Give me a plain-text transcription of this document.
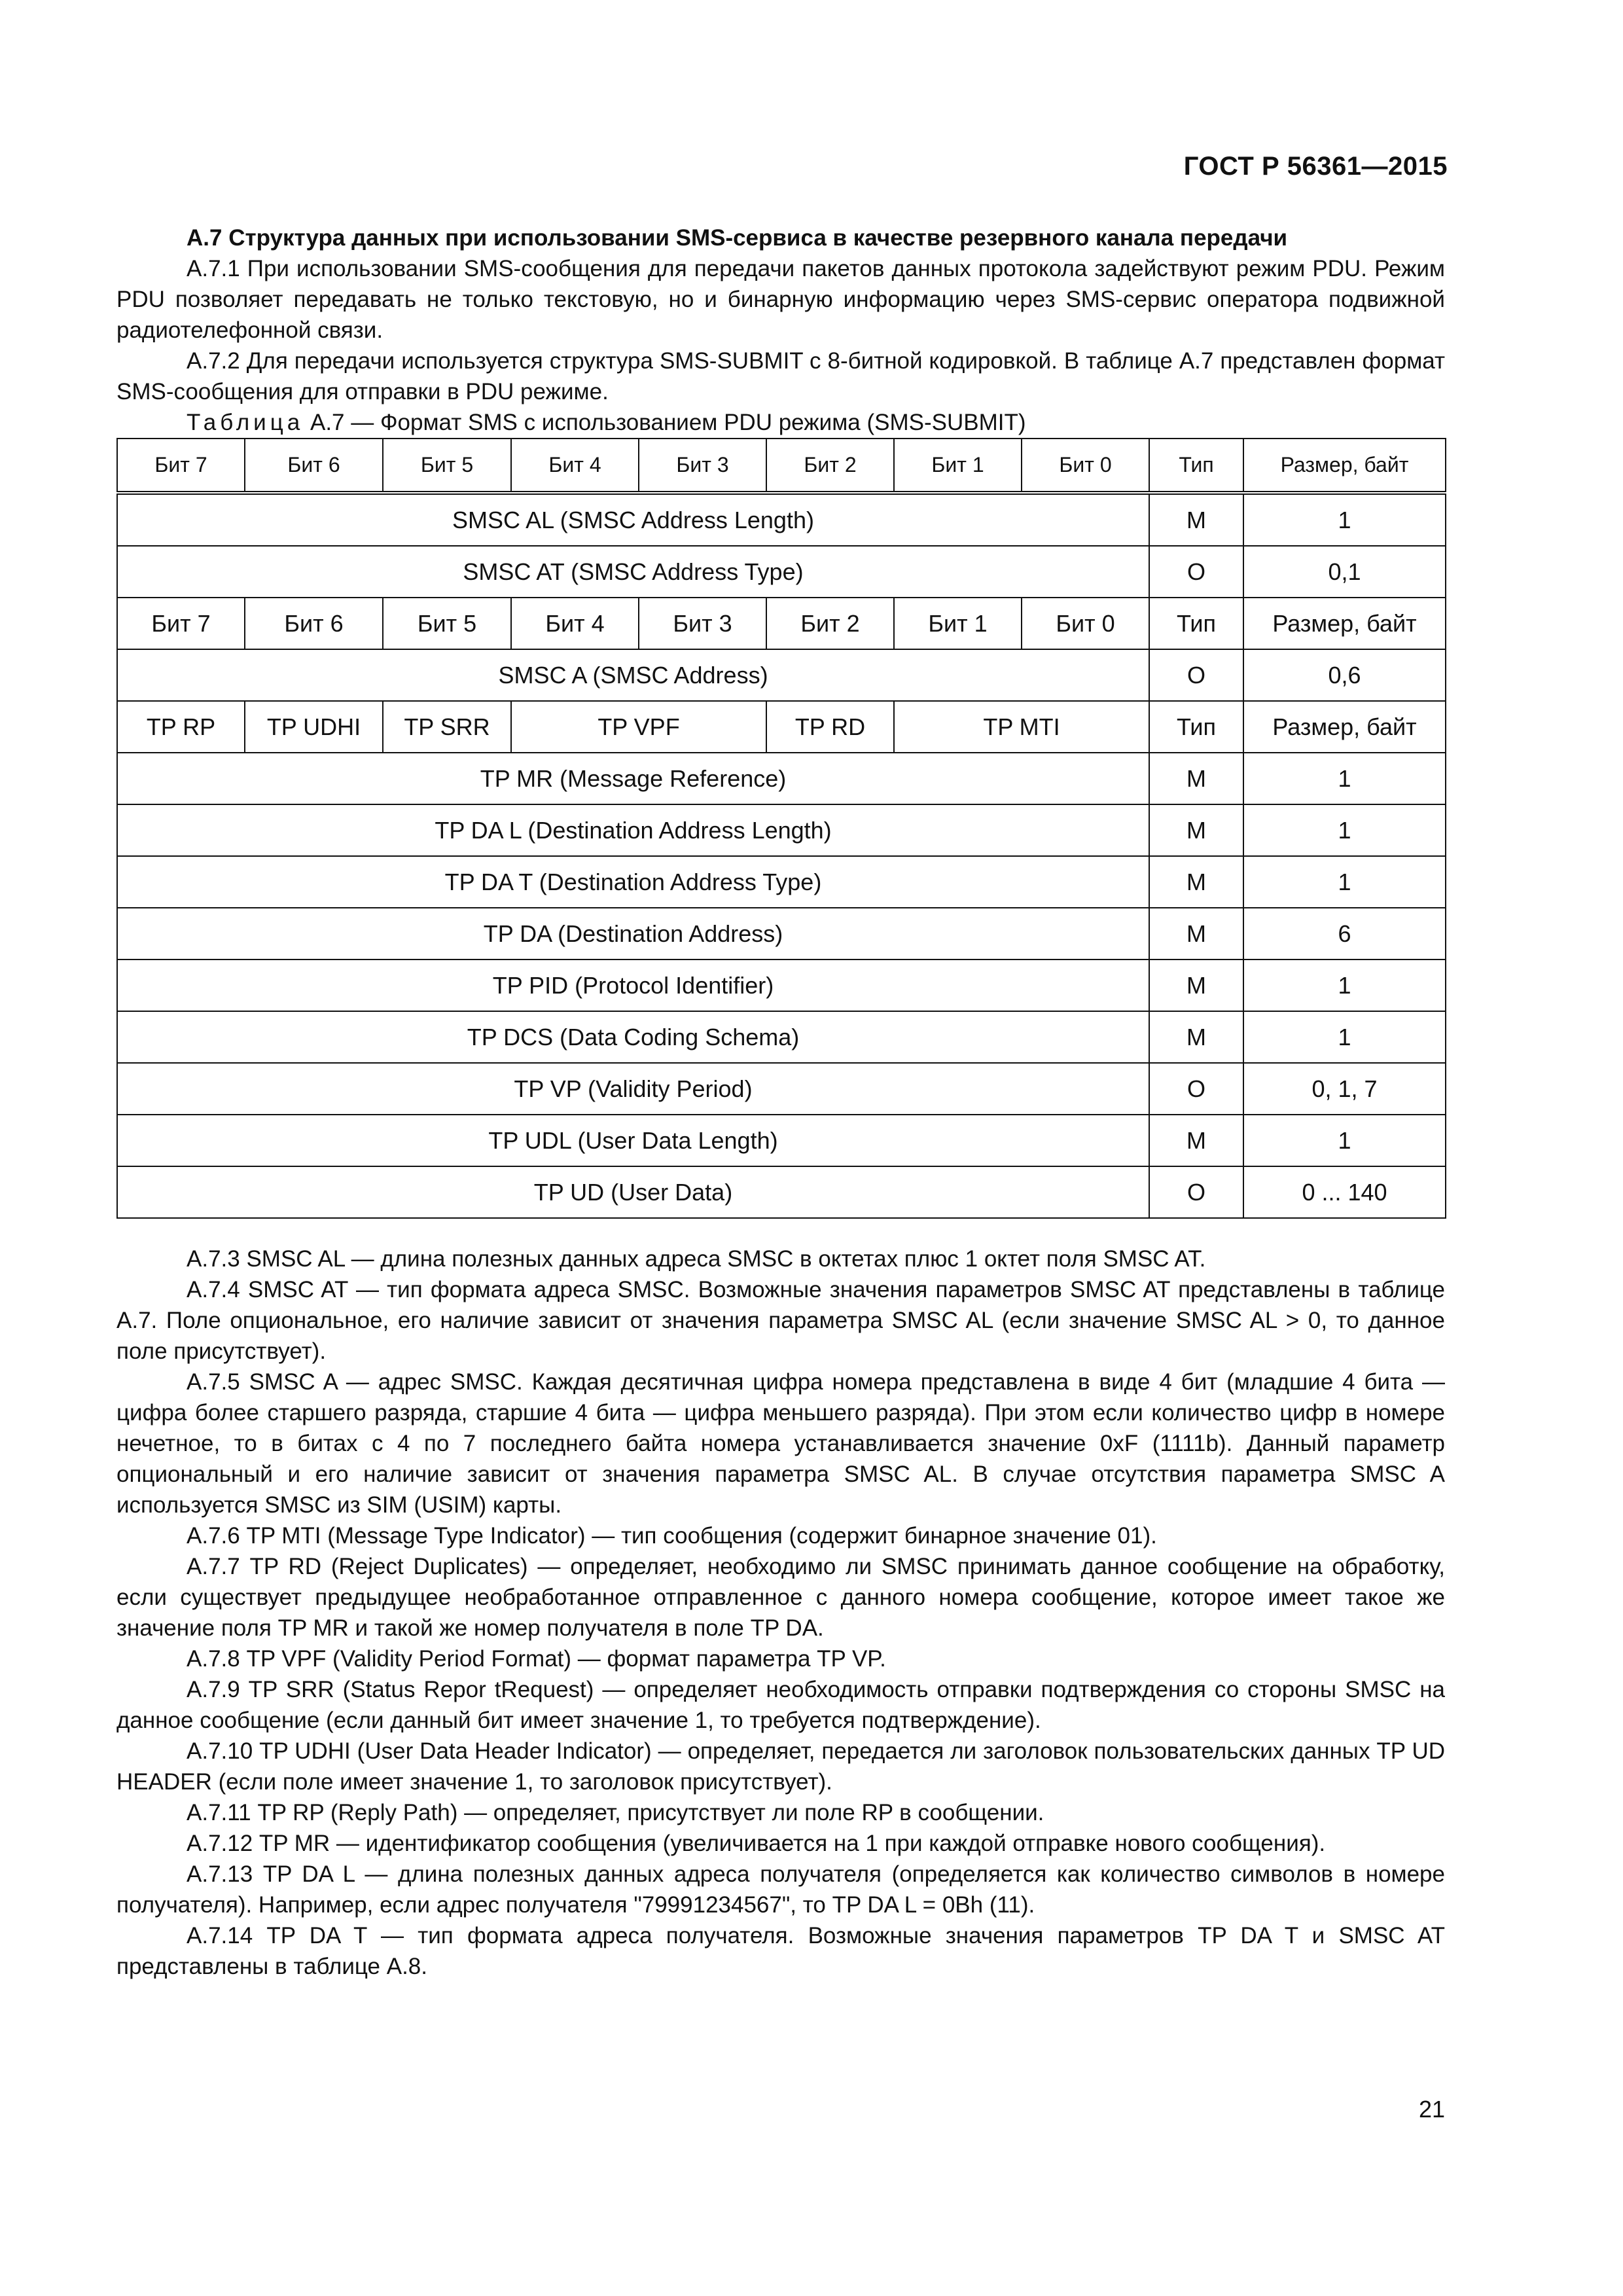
ГОСТ Р 56361—2015

А.7 Структура данных при использовании SMS-сервиса в качестве резервного канала передачи

А.7.1 При использовании SMS-сообщения для передачи пакетов данных протокола задействуют режим PDU. Режим PDU позволяет передавать не только текстовую, но и бинарную информацию через SMS-сервис оператора подвижной радиотелефонной связи.

А.7.2 Для передачи используется структура SMS-SUBMIT с 8-битной кодировкой. В таблице А.7 представлен формат SMS-сообщения для отправки в PDU режиме.

Таблица А.7 — Формат SMS с использованием PDU режима (SMS-SUBMIT)

Бит 7	Бит 6	Бит 5	Бит 4	Бит 3	Бит 2	Бит 1	Бит 0	Тип	Размер, байт
SMSC AL (SMSC Address Length)								M	1
SMSC AT (SMSC Address Type)								O	0,1
Бит 7	Бит 6	Бит 5	Бит 4	Бит 3	Бит 2	Бит 1	Бит 0	Тип	Размер, байт
SMSC A (SMSC Address)								O	0,6
TP RP	TP UDHI	TP SRR	TP VPF		TP RD	TP MTI		Тип	Размер, байт
TP MR (Message Reference)								M	1
TP DA L (Destination Address Length)								M	1
TP DA T (Destination Address Type)								M	1
TP DA (Destination Address)								M	6
TP PID (Protocol Identifier)								M	1
TP DCS (Data Coding Schema)								M	1
TP VP (Validity Period)								O	0, 1, 7
TP UDL (User Data Length)								M	1
TP UD (User Data)								O	0 ... 140

А.7.3 SMSC AL — длина полезных данных адреса SMSC в октетах плюс 1 октет поля SMSC AT.

А.7.4 SMSC AT — тип формата адреса SMSC. Возможные значения параметров SMSC AT представлены в таблице А.7. Поле опциональное, его наличие зависит от значения параметра SMSC AL (если значение SMSC AL > 0, то данное поле присутствует).

А.7.5 SMSC A — адрес SMSC. Каждая десятичная цифра номера представлена в виде 4 бит (младшие 4 бита — цифра более старшего разряда, старшие 4 бита — цифра меньшего разряда). При этом если количество цифр в номере нечетное, то в битах с 4 по 7 последнего байта номера устанавливается значение 0xF (1111b). Данный параметр опциональный и его наличие зависит от значения параметра SMSC AL. В случае отсутствия параметра SMSC A используется SMSC из SIM (USIM) карты.

А.7.6 TP MTI (Message Type Indicator) — тип сообщения (содержит бинарное значение 01).

А.7.7 TP RD (Reject Duplicates) — определяет, необходимо ли SMSC принимать данное сообщение на обработку, если существует предыдущее необработанное отправленное с данного номера сообщение, которое имеет такое же значение поля TP MR и такой же номер получателя в поле TP DA.

А.7.8 TP VPF (Validity Period Format) — формат параметра TP VP.

А.7.9 TP SRR (Status Repor tRequest) — определяет необходимость отправки подтверждения со стороны SMSC на данное сообщение (если данный бит имеет значение 1, то требуется подтверждение).

А.7.10 TP UDHI (User Data Header Indicator) — определяет, передается ли заголовок пользовательских данных TP UD HEADER (если поле имеет значение 1, то заголовок присутствует).

А.7.11 TP RP (Reply Path) — определяет, присутствует ли поле RP в сообщении.

А.7.12 TP MR — идентификатор сообщения (увеличивается на 1 при каждой отправке нового сообщения).

А.7.13 TP DA L — длина полезных данных адреса получателя (определяется как количество символов в номере получателя). Например, если адрес получателя "79991234567", то TP DA L = 0Bh (11).

А.7.14 TP DA T — тип формата адреса получателя. Возможные значения параметров TP DA T и SMSC AT представлены в таблице А.8.

21
